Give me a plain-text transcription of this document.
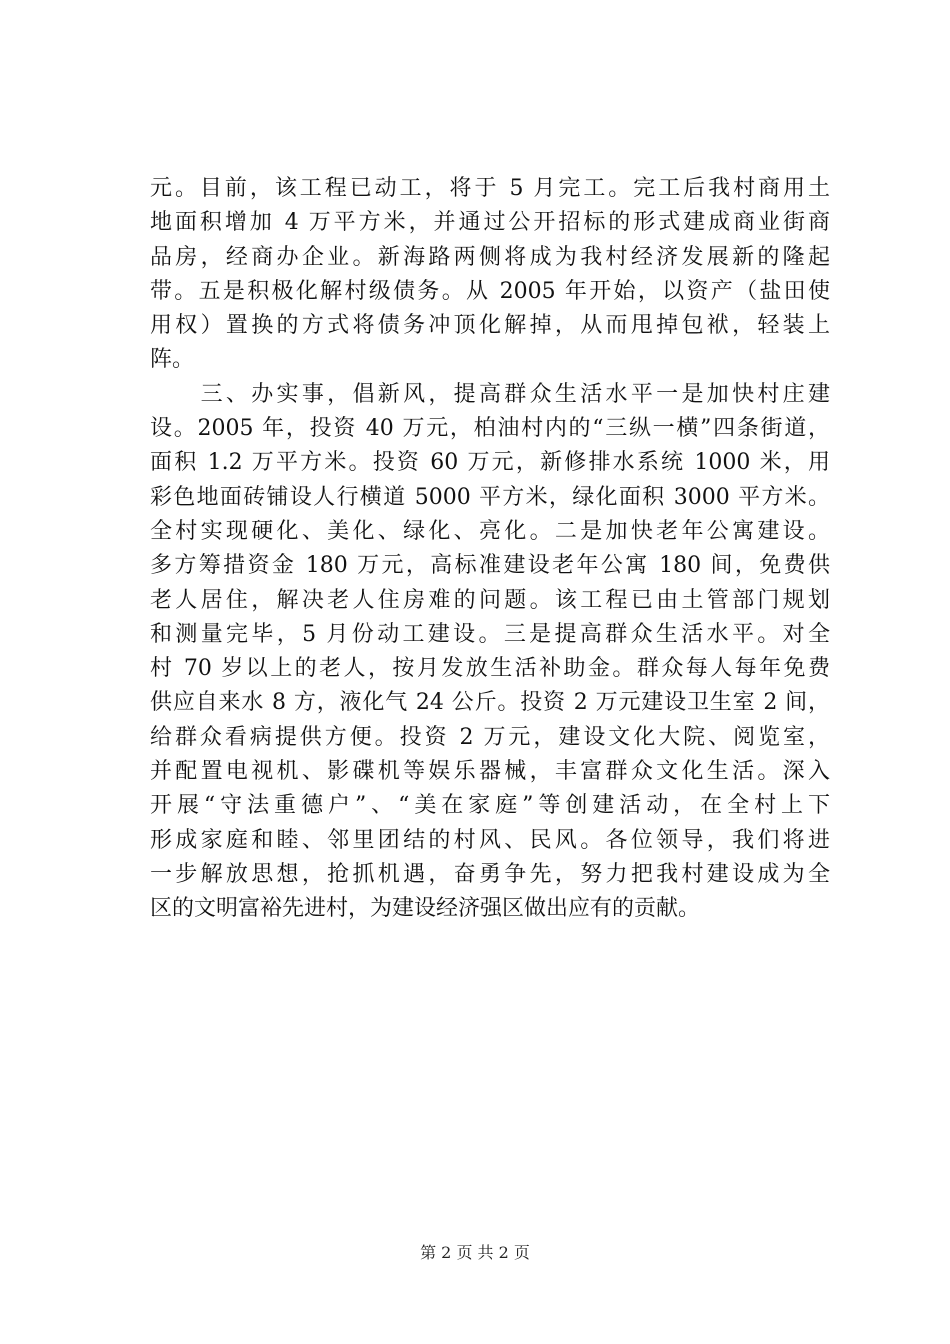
元。目前，该工程已动工，将于 5 月完工。完工后我村商用土
地面积增加 4 万平方米，并通过公开招标的形式建成商业街商
品房，经商办企业。新海路两侧将成为我村经济发展新的隆起
带。五是积极化解村级债务。从 2005 年开始，以资产（盐田使
用权）置换的方式将债务冲顶化解掉，从而甩掉包袱，轻装上
阵。
　　三、办实事，倡新风，提高群众生活水平一是加快村庄建
设。2005 年，投资 40 万元，柏油村内的“三纵一横”四条街道，
面积 1.2 万平方米。投资 60 万元，新修排水系统 1000 米，用
彩色地面砖铺设人行横道 5000 平方米，绿化面积 3000 平方米。
全村实现硬化、美化、绿化、亮化。二是加快老年公寓建设。
多方筹措资金 180 万元，高标准建设老年公寓 180 间，免费供
老人居住，解决老人住房难的问题。该工程已由土管部门规划
和测量完毕，5 月份动工建设。三是提高群众生活水平。对全
村 70 岁以上的老人，按月发放生活补助金。群众每人每年免费
供应自来水 8 方，液化气 24 公斤。投资 2 万元建设卫生室 2 间，
给群众看病提供方便。投资 2 万元，建设文化大院、阅览室，
并配置电视机、影碟机等娱乐器械，丰富群众文化生活。深入
开展“守法重德户”、“美在家庭”等创建活动，在全村上下
形成家庭和睦、邻里团结的村风、民风。各位领导，我们将进
一步解放思想，抢抓机遇，奋勇争先，努力把我村建设成为全
区的文明富裕先进村，为建设经济强区做出应有的贡献。
第 2 页 共 2 页
